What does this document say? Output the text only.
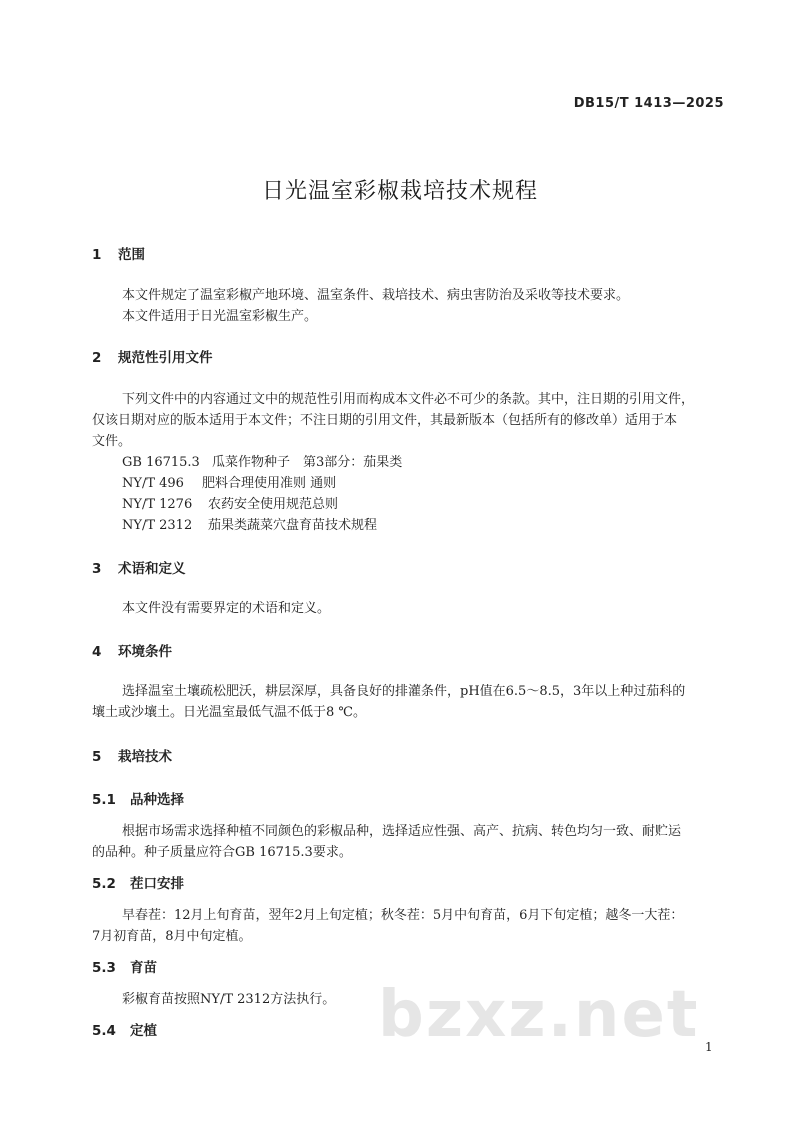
DB15/T 1413—2025
日光温室彩椒栽培技术规程
1 范围
本文件规定了温室彩椒产地环境、温室条件、栽培技术、病虫害防治及采收等技术要求。
本文件适用于日光温室彩椒生产。
2 规范性引用文件
下列文件中的内容通过文中的规范性引用而构成本文件必不可少的条款。其中，注日期的引用文件，
仅该日期对应的版本适用于本文件；不注日期的引用文件，其最新版本（包括所有的修改单）适用于本
文件。
GB 16715.3 瓜菜作物种子　第3部分：茄果类
NY/T 496 肥料合理使用准则 通则
NY/T 1276 农药安全使用规范总则
NY/T 2312 茄果类蔬菜穴盘育苗技术规程
3 术语和定义
本文件没有需要界定的术语和定义。
4 环境条件
选择温室土壤疏松肥沃，耕层深厚，具备良好的排灌条件，pH值在6.5～8.5，3年以上种过茄科的
壤土或沙壤土。日光温室最低气温不低于8 ℃。
5 栽培技术
5.1 品种选择
根据市场需求选择种植不同颜色的彩椒品种，选择适应性强、高产、抗病、转色均匀一致、耐贮运
的品种。种子质量应符合GB 16715.3要求。
5.2 茬口安排
早春茬：12月上旬育苗，翌年2月上旬定植；秋冬茬：5月中旬育苗，6月下旬定植；越冬一大茬：
7月初育苗，8月中旬定植。
5.3 育苗
彩椒育苗按照NY/T 2312方法执行。
5.4 定植	bzxz.net 1
